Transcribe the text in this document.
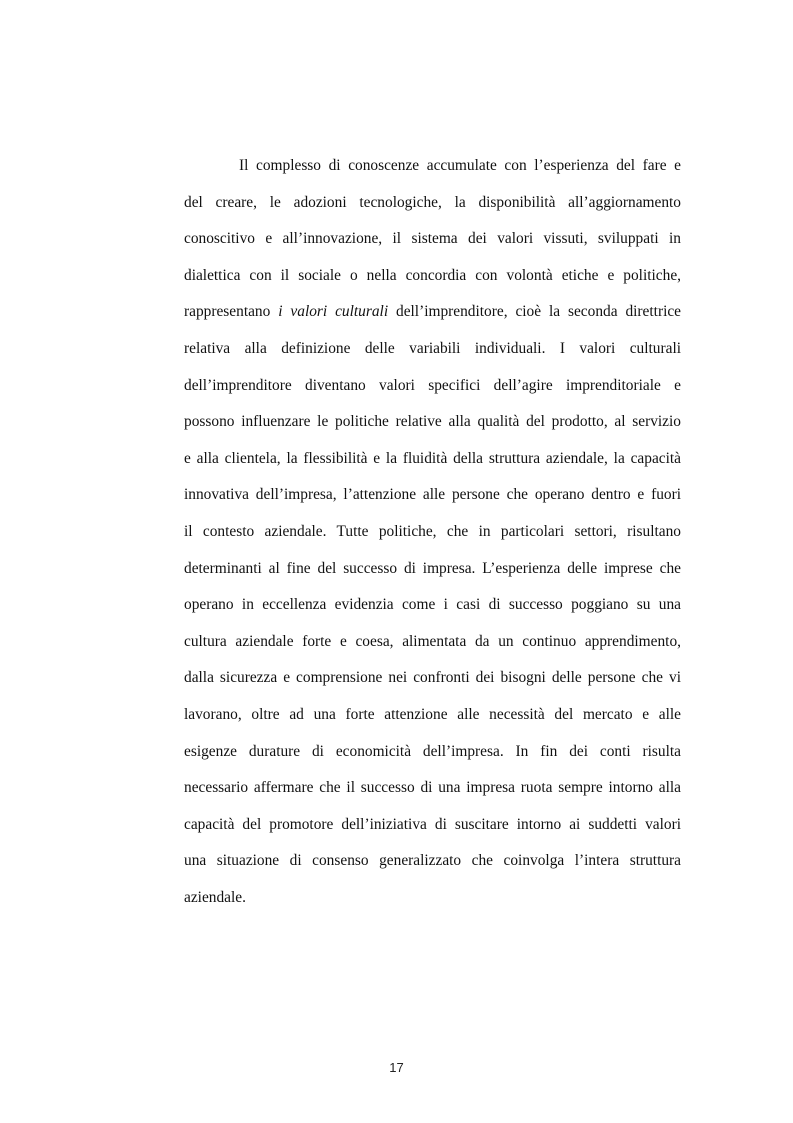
Il complesso di conoscenze accumulate con l’esperienza del fare e
del creare, le adozioni tecnologiche, la disponibilità all’aggiornamento
conoscitivo e all’innovazione, il sistema dei valori vissuti, sviluppati in
dialettica con il sociale o nella concordia con volontà etiche e politiche,
rappresentano i valori culturali dell’imprenditore, cioè la seconda direttrice
relativa alla definizione delle variabili individuali. I valori culturali
dell’imprenditore diventano valori specifici dell’agire imprenditoriale e
possono influenzare le politiche relative alla qualità del prodotto, al servizio
e alla clientela, la flessibilità e la fluidità della struttura aziendale, la capacità
innovativa dell’impresa, l’attenzione alle persone che operano dentro e fuori
il contesto aziendale. Tutte politiche, che in particolari settori, risultano
determinanti al fine del successo di impresa. L’esperienza delle imprese che
operano in eccellenza evidenzia come i casi di successo poggiano su una
cultura aziendale forte e coesa, alimentata da un continuo apprendimento,
dalla sicurezza e comprensione nei confronti dei bisogni delle persone che vi
lavorano, oltre ad una forte attenzione alle necessità del mercato e alle
esigenze durature di economicità dell’impresa. In fin dei conti risulta
necessario affermare che il successo di una impresa ruota sempre intorno alla
capacità del promotore dell’iniziativa di suscitare intorno ai suddetti valori
una situazione di consenso generalizzato che coinvolga l’intera struttura
aziendale.
17
